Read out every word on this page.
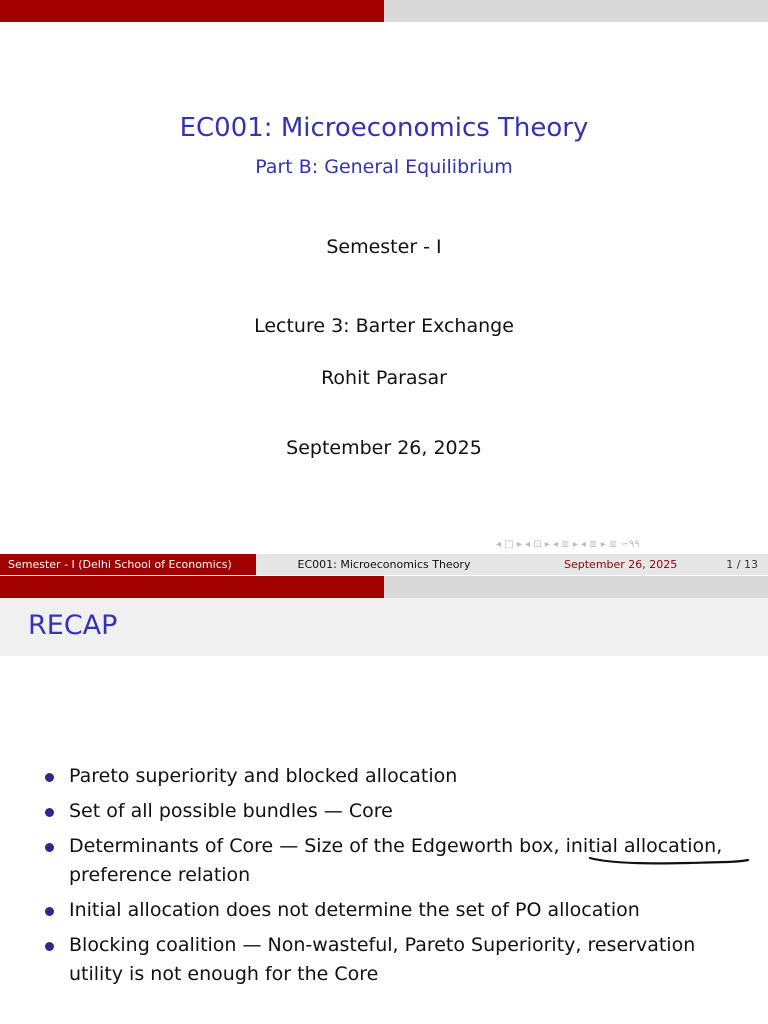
EC001: Microeconomics Theory
Part B: General Equilibrium
Semester - I
Lecture 3: Barter Exchange
Rohit Parasar
September 26, 2025
◂ □ ▸ ◂ ⊡ ▸ ◂ ≣ ▸ ◂ ≣ ▸ ≣ ∽۹۹
Semester - I (Delhi School of Economics)	EC001: Microeconomics Theory	September 26, 2025	1 / 13
RECAP
Pareto superiority and blocked allocation
Set of all possible bundles — Core
Determinants of Core — Size of the Edgeworth box, initial allocation, preference relation
Initial allocation does not determine the set of PO allocation
Blocking coalition — Non-wasteful, Pareto Superiority, reservation utility is not enough for the Core
